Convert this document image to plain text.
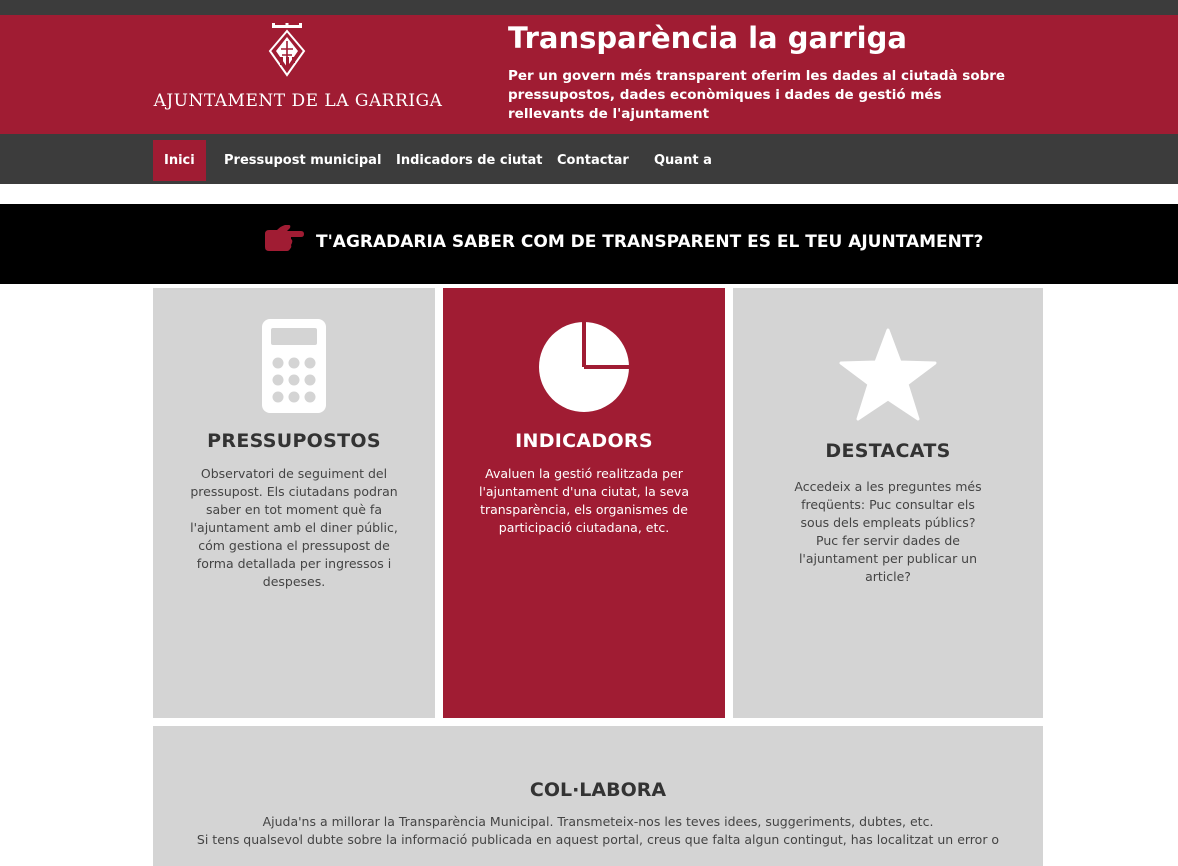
AJUNTAMENT DE LA GARRIGA
Transparència la garriga
Per un govern més transparent oferim les dades al ciutadà sobre pressupostos, dades econòmiques i dades de gestió més rellevants de l'ajuntament
Inici	Pressupost municipal	Indicadors de ciutat	Contactar	Quant a
T'AGRADARIA SABER COM DE TRANSPARENT ES EL TEU AJUNTAMENT?
PRESSUPOSTOS

Observatori de seguiment del pressupost. Els ciutadans podran saber en tot moment què fa l'ajuntament amb el diner públic, cóm gestiona el pressupost de forma detallada per ingressos i despeses.

INDICADORS

Avaluen la gestió realitzada per l'ajuntament d'una ciutat, la seva transparència, els organismes de participació ciutadana, etc.

DESTACATS

Accedeix a les preguntes més freqüents: Puc consultar els sous dels empleats públics? Puc fer servir dades de l'ajuntament per publicar un article?

COL·LABORA

Ajuda'ns a millorar la Transparència Municipal. Transmeteix-nos les teves idees, suggeriments, dubtes, etc.

Si tens qualsevol dubte sobre la informació publicada en aquest portal, creus que falta algun contingut, has localitzat un error o
